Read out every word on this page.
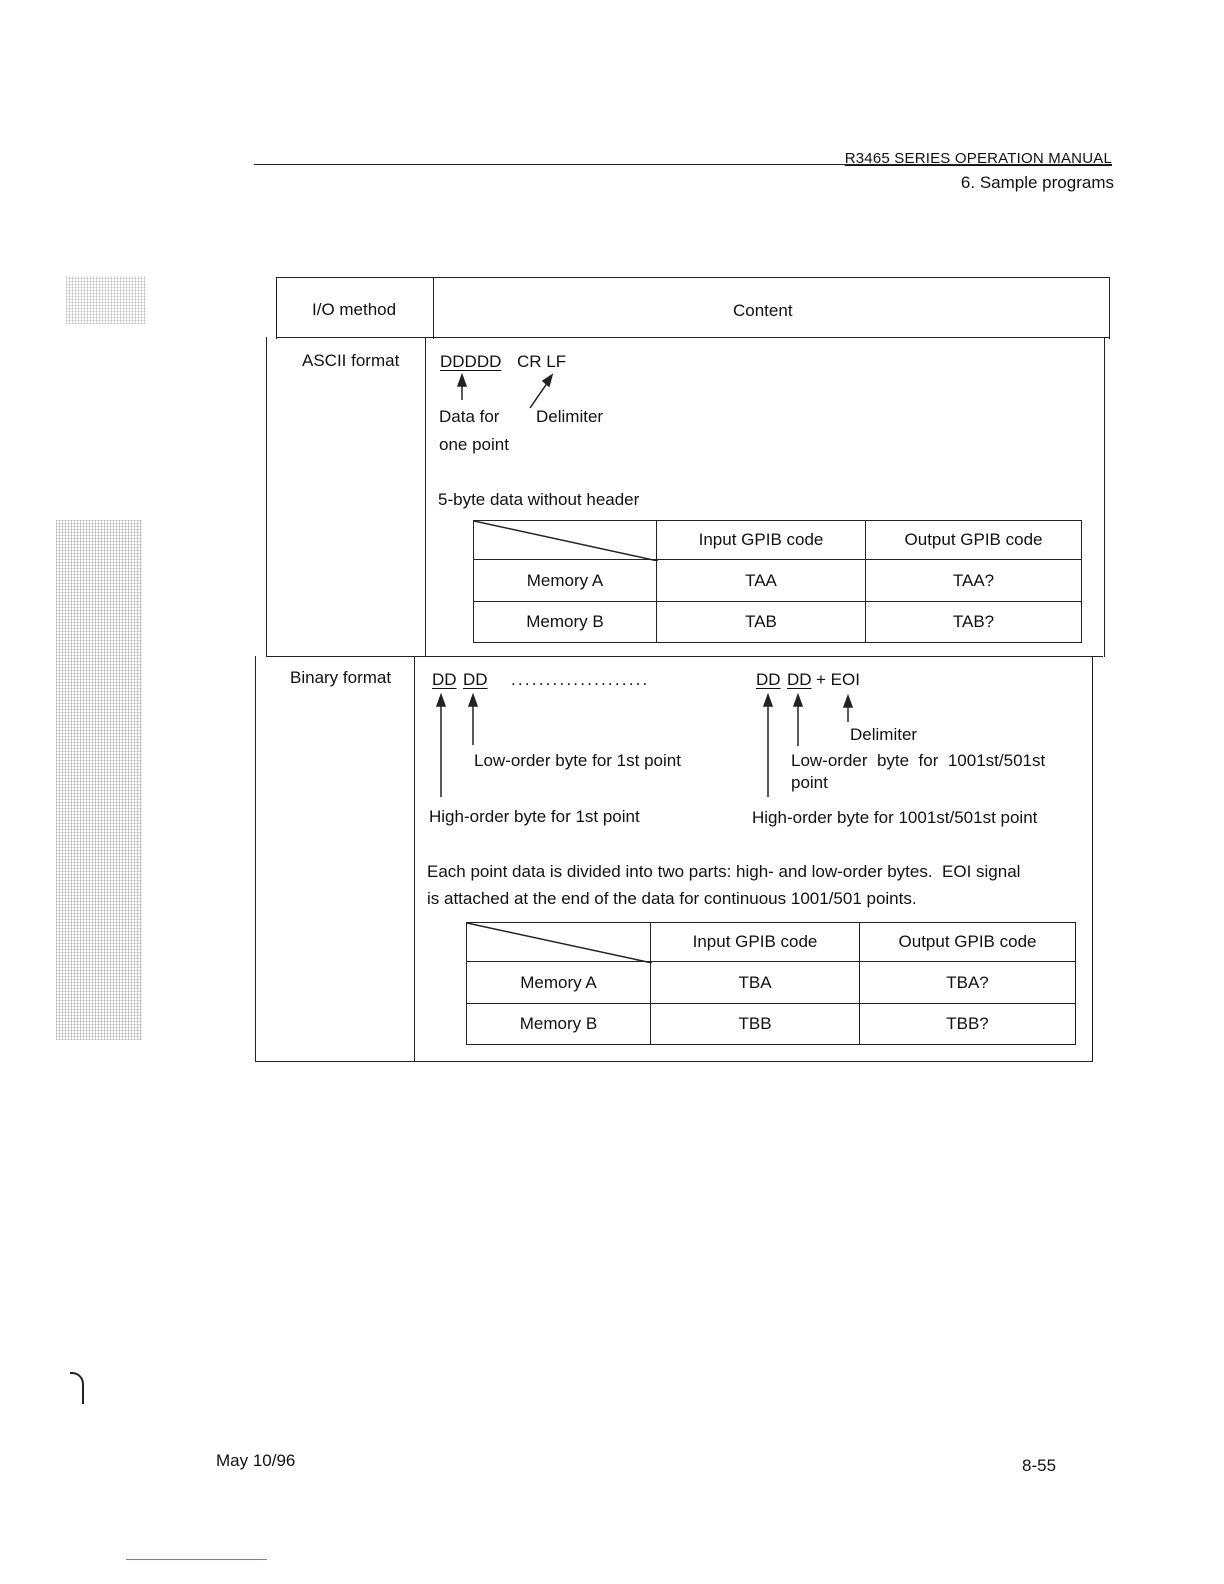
R3465 SERIES OPERATION MANUAL
6. Sample programs
I/O method	Content
ASCII format DDDDD CR LF
Data for
one point
Delimiter
5-byte data without header
	Input GPIB code	Output GPIB code
Memory A	TAA	TAA?
Memory B	TAB	TAB?
Binary format DD DD ....................	DD DD + EOI
Delimiter
Low-order byte for 1st point	Low-order  byte  for  1001st/501st
point
High-order byte for 1st point	High-order byte for 1001st/501st point
Each point data is divided into two parts: high- and low-order bytes.  EOI signal
is attached at the end of the data for continuous 1001/501 points.
	Input GPIB code	Output GPIB code
Memory A	TBA	TBA?
Memory B	TBB	TBB?
May 10/96	8-55
